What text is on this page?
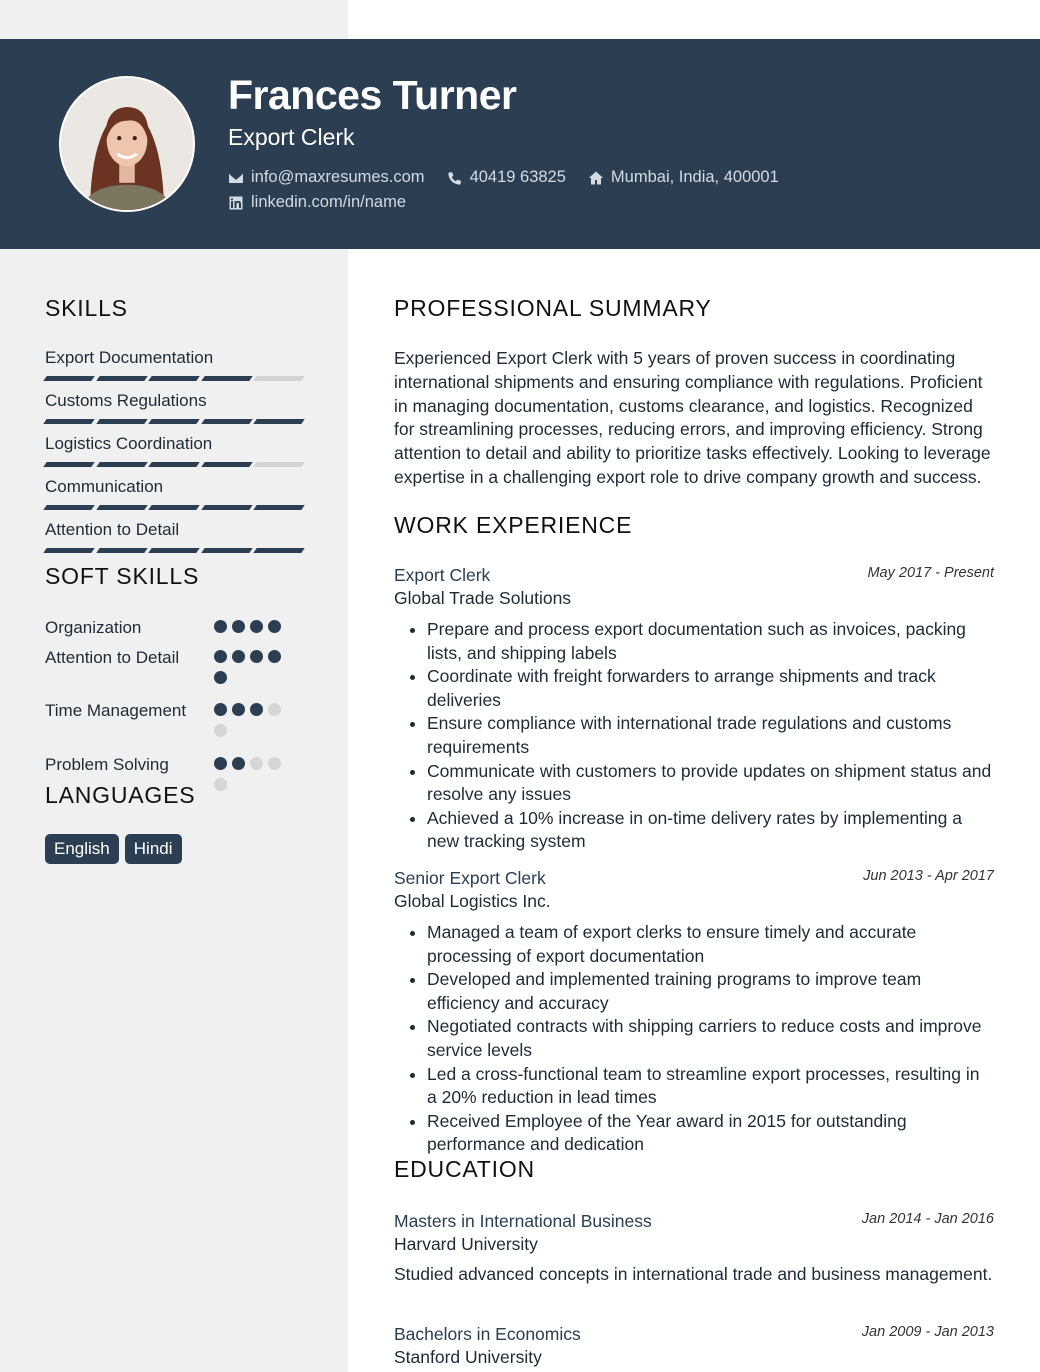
Frances Turner
Export Clerk
info@maxresumes.com	40419 63825	Mumbai, India, 400001
linkedin.com/in/name
SKILLS
Export Documentation
Customs Regulations
Logistics Coordination
Communication
Attention to Detail
SOFT SKILLS
Organization
Attention to Detail
Time Management
Problem Solving
LANGUAGES
English	Hindi
PROFESSIONAL SUMMARY
Experienced Export Clerk with 5 years of proven success in coordinating international shipments and ensuring compliance with regulations. Proficient in managing documentation, customs clearance, and logistics. Recognized for streamlining processes, reducing errors, and improving efficiency. Strong attention to detail and ability to prioritize tasks effectively. Looking to leverage expertise in a challenging export role to drive company growth and success.
WORK EXPERIENCE
Export Clerk	May 2017 - Present
Global Trade Solutions
• Prepare and process export documentation such as invoices, packing lists, and shipping labels
• Coordinate with freight forwarders to arrange shipments and track deliveries
• Ensure compliance with international trade regulations and customs requirements
• Communicate with customers to provide updates on shipment status and resolve any issues
• Achieved a 10% increase in on-time delivery rates by implementing a new tracking system
Senior Export Clerk	Jun 2013 - Apr 2017
Global Logistics Inc.
• Managed a team of export clerks to ensure timely and accurate processing of export documentation
• Developed and implemented training programs to improve team efficiency and accuracy
• Negotiated contracts with shipping carriers to reduce costs and improve service levels
• Led a cross-functional team to streamline export processes, resulting in a 20% reduction in lead times
• Received Employee of the Year award in 2015 for outstanding performance and dedication
EDUCATION
Masters in International Business	Jan 2014 - Jan 2016
Harvard University
Studied advanced concepts in international trade and business management.
Bachelors in Economics	Jan 2009 - Jan 2013
Stanford University
